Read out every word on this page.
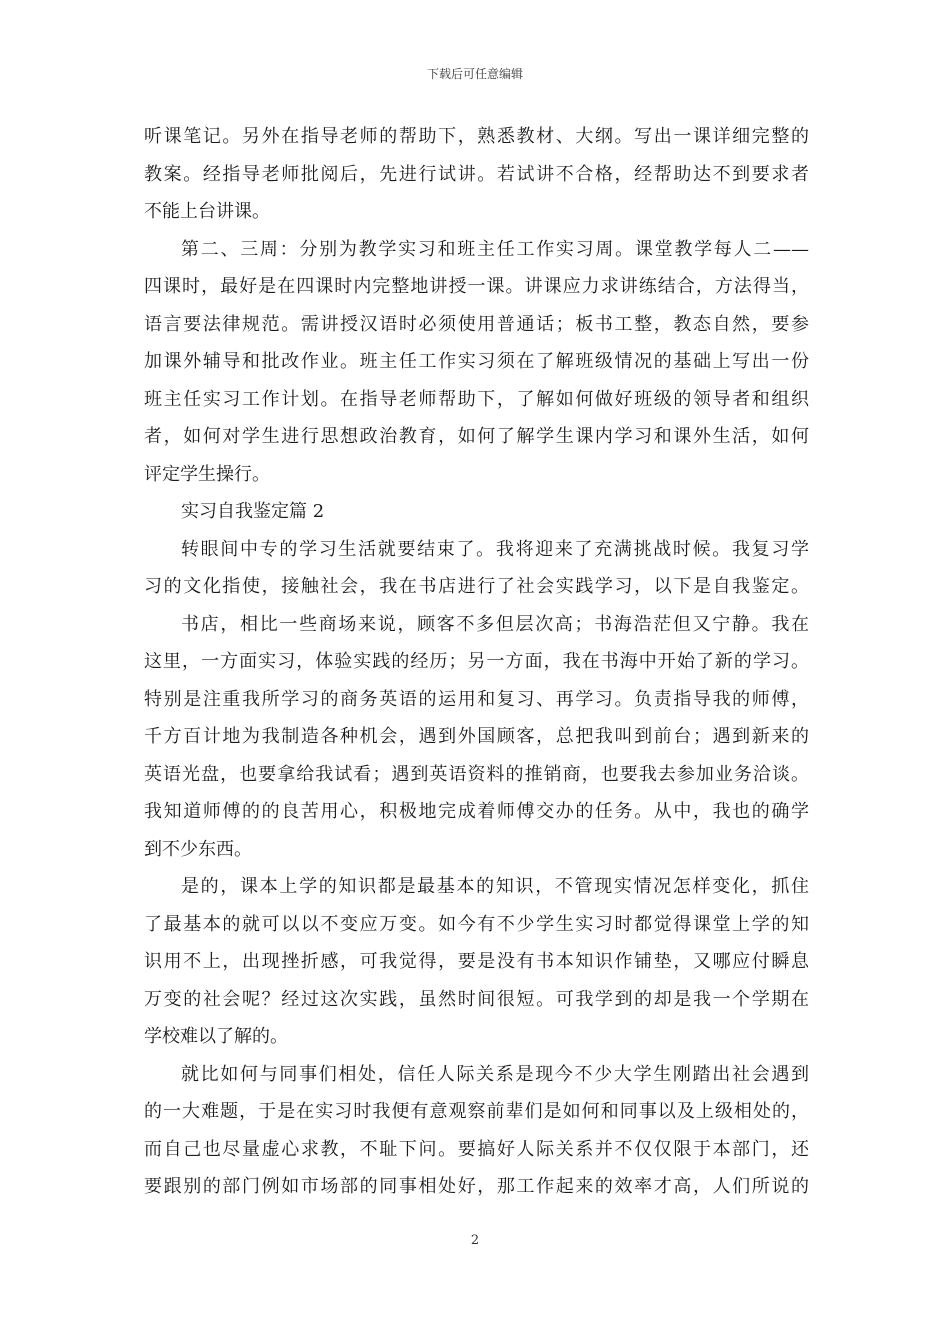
下载后可任意编辑
听课笔记。另外在指导老师的帮助下，熟悉教材、大纲。写出一课详细完整的
教案。经指导老师批阅后，先进行试讲。若试讲不合格，经帮助达不到要求者
不能上台讲课。
第二、三周：分别为教学实习和班主任工作实习周。课堂教学每人二——
四课时，最好是在四课时内完整地讲授一课。讲课应力求讲练结合，方法得当，
语言要法律规范。需讲授汉语时必须使用普通话；板书工整，教态自然，要参
加课外辅导和批改作业。班主任工作实习须在了解班级情况的基础上写出一份
班主任实习工作计划。在指导老师帮助下，了解如何做好班级的领导者和组织
者，如何对学生进行思想政治教育，如何了解学生课内学习和课外生活，如何
评定学生操行。
实习自我鉴定篇 2
转眼间中专的学习生活就要结束了。我将迎来了充满挑战时候。我复习学
习的文化指使，接触社会，我在书店进行了社会实践学习，以下是自我鉴定。
书店，相比一些商场来说，顾客不多但层次高；书海浩茫但又宁静。我在
这里，一方面实习，体验实践的经历；另一方面，我在书海中开始了新的学习。
特别是注重我所学习的商务英语的运用和复习、再学习。负责指导我的师傅，
千方百计地为我制造各种机会，遇到外国顾客，总把我叫到前台；遇到新来的
英语光盘，也要拿给我试看；遇到英语资料的推销商，也要我去参加业务洽谈。
我知道师傅的的良苦用心，积极地完成着师傅交办的任务。从中，我也的确学
到不少东西。
是的，课本上学的知识都是最基本的知识，不管现实情况怎样变化，抓住
了最基本的就可以以不变应万变。如今有不少学生实习时都觉得课堂上学的知
识用不上，出现挫折感，可我觉得，要是没有书本知识作铺垫，又哪应付瞬息
万变的社会呢？经过这次实践，虽然时间很短。可我学到的却是我一个学期在
学校难以了解的。
就比如何与同事们相处，信任人际关系是现今不少大学生刚踏出社会遇到
的一大难题，于是在实习时我便有意观察前辈们是如何和同事以及上级相处的，
而自己也尽量虚心求教，不耻下问。要搞好人际关系并不仅仅限于本部门，还
要跟别的部门例如市场部的同事相处好，那工作起来的效率才高，人们所说的
2
